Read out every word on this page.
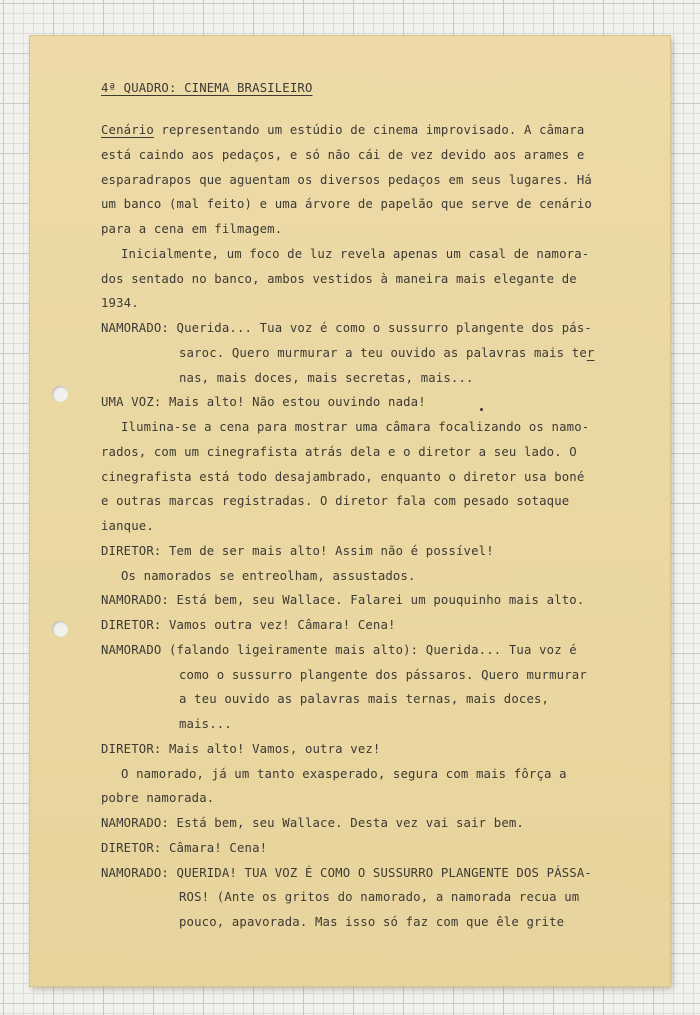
4ª QUADRO: CINEMA BRASILEIRO
Cenário representando um estúdio de cinema improvisado. A câmara
está caindo aos pedaços, e só não cái de vez devido aos arames e
esparadrapos que aguentam os diversos pedaços em seus lugares. Há
um banco (mal feito) e uma árvore de papelão que serve de cenário
para a cena em filmagem.
Inicialmente, um foco de luz revela apenas um casal de namora-
dos sentado no banco, ambos vestidos à maneira mais elegante de
1934.
NAMORADO: Querida... Tua voz é como o sussurro plangente dos pás-
sarос. Quero murmurar a teu ouvido as palavras mais ter
nas, mais doces, mais secretas, mais...
UMA VOZ: Mais alto! Não estou ouvindo nada!
Ilumina-se a cena para mostrar uma câmara focalizando os namo-
rados, com um cinegrafista atrás dela e o diretor a seu lado. O
cinegrafista está todo desajambrado, enquanto o diretor usa boné
e outras marcas registradas. O diretor fala com pesado sotaque
ianque.
DIRETOR: Tem de ser mais alto! Assim não é possível!
Os namorados se entreolham, assustados.
NAMORADO: Está bem, seu Wallace. Falarei um pouquinho mais alto.
DIRETOR: Vamos outra vez! Câmara! Cena!
NAMORADO (falando ligeiramente mais alto): Querida... Tua voz é
como o sussurro plangente dos pássaros. Quero murmurar
a teu ouvido as palavras mais ternas, mais doces,
mais...
DIRETOR: Mais alto! Vamos, outra vez!
O namorado, já um tanto exasperado, segura com mais fôrça a
pobre namorada.
NAMORADO: Está bem, seu Wallace. Desta vez vai sair bem.
DIRETOR: Câmara! Cena!
NAMORADO: QUERIDA! TUA VOZ É COMO O SUSSURRO PLANGENTE DOS PÁSSA-
ROS! (Ante os gritos do namorado, a namorada recua um
pouco, apavorada. Mas isso só faz com que êle grite
